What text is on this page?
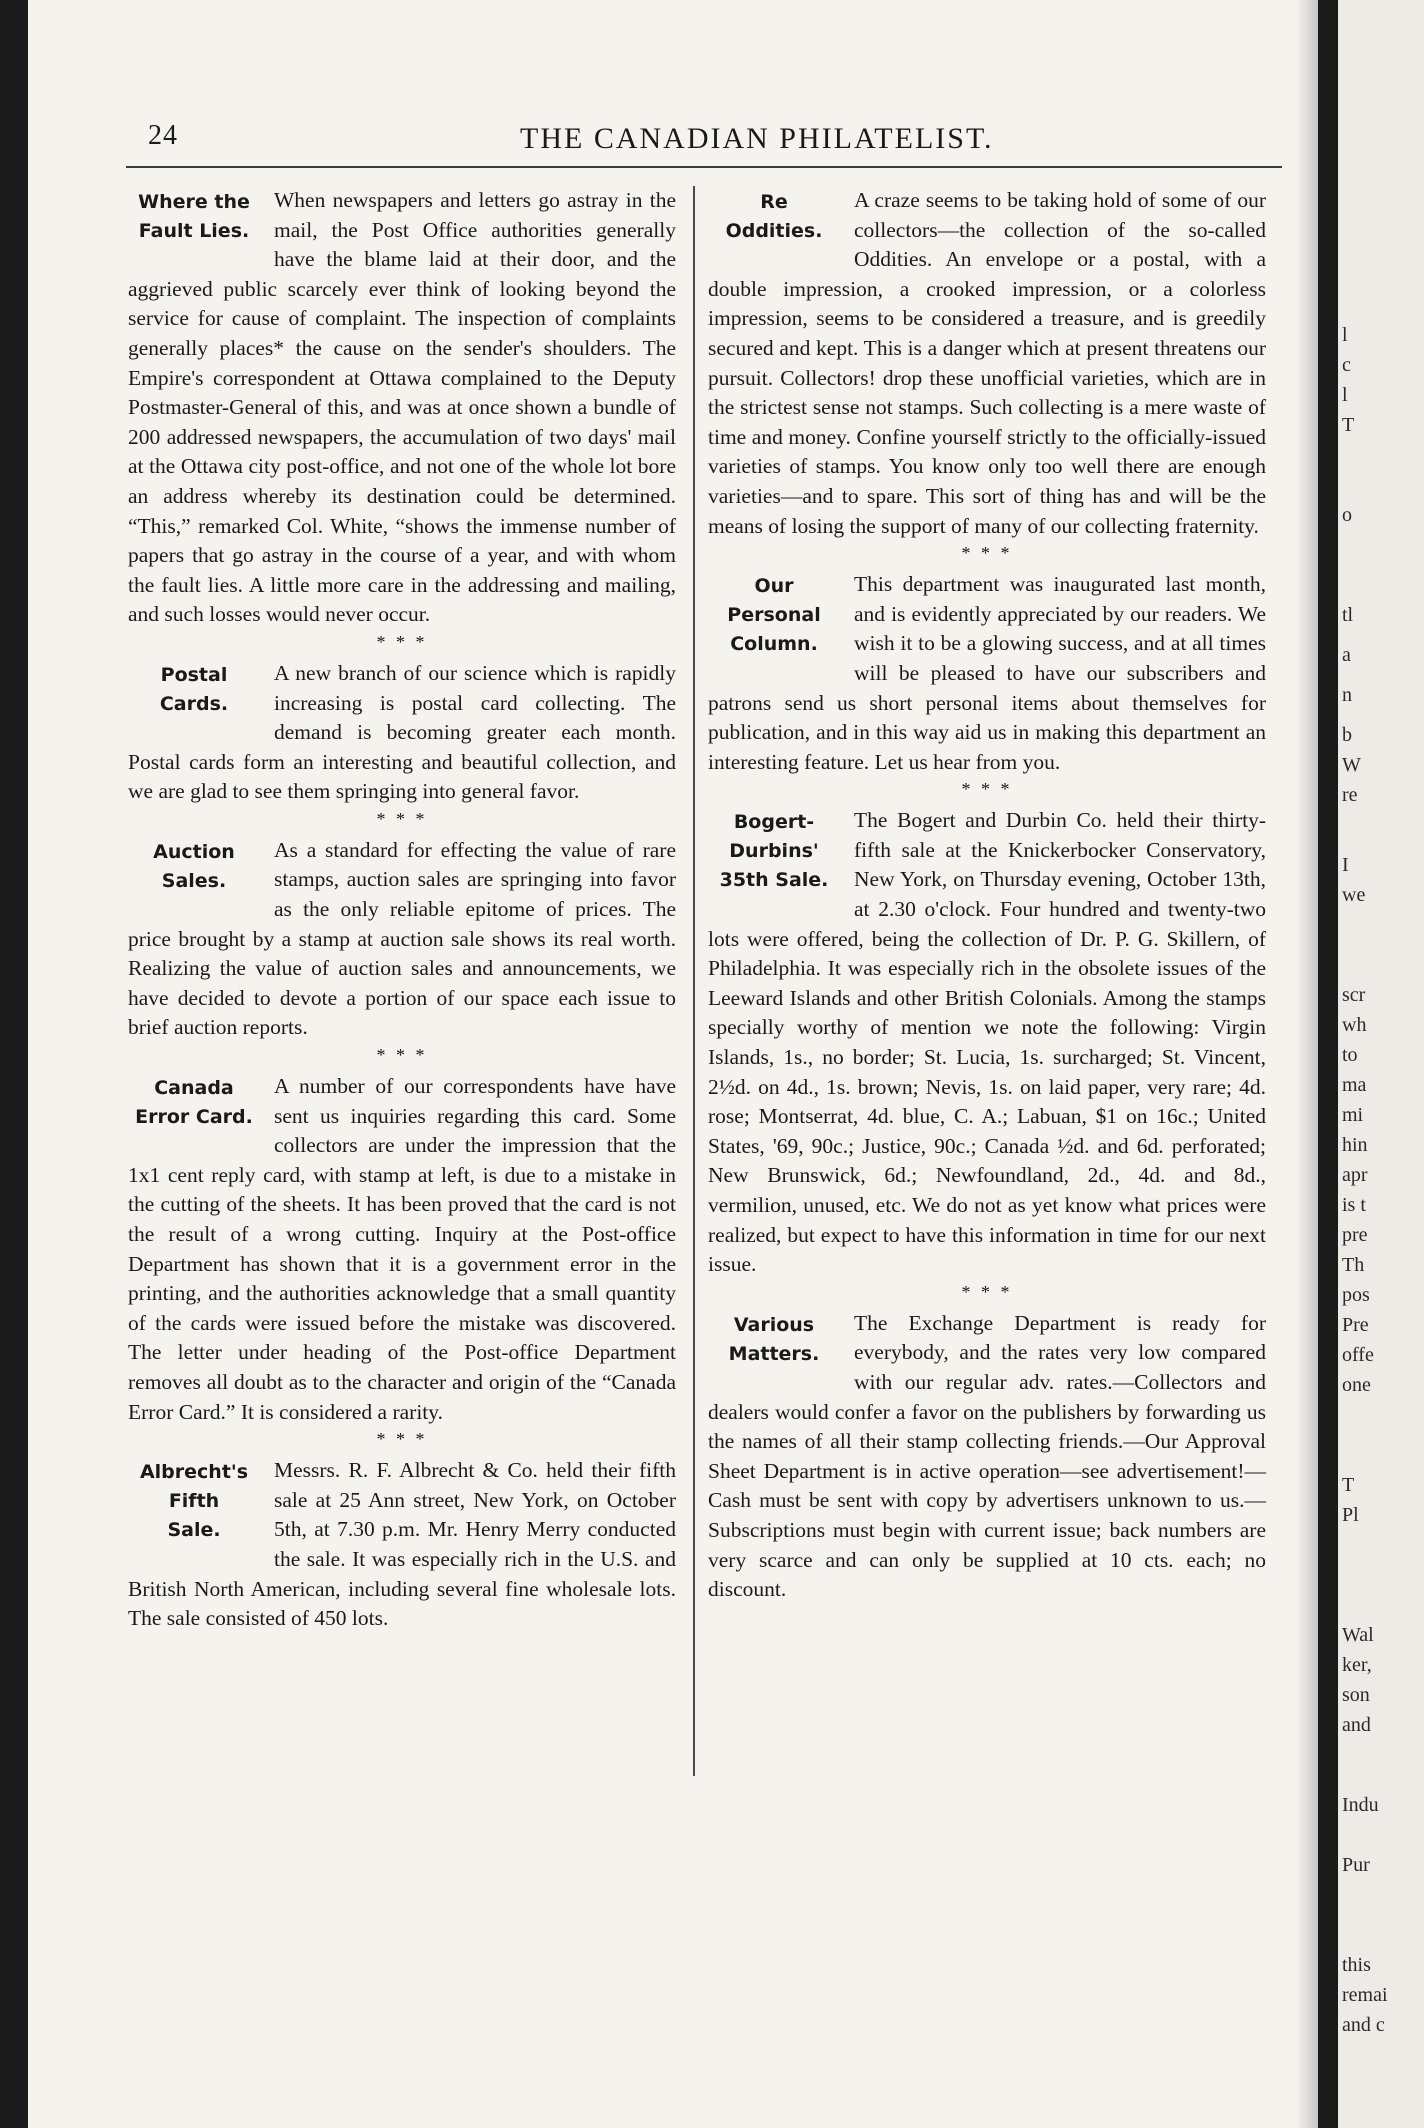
l
c
l
T
o
tl
a
n
b
W
re
I
we
scr
wh
to
ma
mi
hin
apr
is t
pre
Th
pos
Pre
offe
one
T
Pl
Wal
ker,
son
and
Indu
Pur
this
remai
and c
24	THE CANADIAN PHILATELIST.
Where the
Fault Lies.

When newspapers and letters go astray in the mail, the Post Office authorities generally have the blame laid at their door, and the aggrieved public scarcely ever think of looking beyond the service for cause of complaint. The inspection of complaints generally places* the cause on the sender's shoulders. The Empire's correspondent at Ottawa complained to the Deputy Postmaster-General of this, and was at once shown a bundle of 200 addressed newspapers, the accumulation of two days' mail at the Ottawa city post-office, and not one of the whole lot bore an address whereby its destination could be determined. “This,” remarked Col. White, “shows the immense number of papers that go astray in the course of a year, and with whom the fault lies. A little more care in the addressing and mailing, and such losses would never occur.

* * *
Postal
Cards.

A new branch of our science which is rapidly increasing is postal card collecting. The demand is becoming greater each month. Postal cards form an interesting and beautiful collection, and we are glad to see them springing into general favor.

* * *
Auction
Sales.

As a standard for effecting the value of rare stamps, auction sales are springing into favor as the only reliable epitome of prices. The price brought by a stamp at auction sale shows its real worth. Realizing the value of auction sales and announcements, we have decided to devote a portion of our space each issue to brief auction reports.

* * *
Canada
Error Card.

A number of our correspondents have have sent us inquiries regarding this card. Some collectors are under the impression that the 1x1 cent reply card, with stamp at left, is due to a mistake in the cutting of the sheets. It has been proved that the card is not the result of a wrong cutting. Inquiry at the Post-office Department has shown that it is a government error in the printing, and the authorities acknowledge that a small quantity of the cards were issued before the mistake was discovered. The letter under heading of the Post-office Department removes all doubt as to the character and origin of the “Canada Error Card.” It is considered a rarity.

* * *
Albrecht's
Fifth
Sale.

Messrs. R. F. Albrecht & Co. held their fifth sale at 25 Ann street, New York, on October 5th, at 7.30 p.m. Mr. Henry Merry conducted the sale. It was especially rich in the U.S. and British North American, including several fine wholesale lots. The sale consisted of 450 lots.

Re
Oddities.

A craze seems to be taking hold of some of our collectors—the collection of the so-called Oddities. An envelope or a postal, with a double impression, a crooked impression, or a colorless impression, seems to be considered a treasure, and is greedily secured and kept. This is a danger which at present threatens our pursuit. Collectors! drop these unofficial varieties, which are in the strictest sense not stamps. Such collecting is a mere waste of time and money. Confine yourself strictly to the officially-issued varieties of stamps. You know only too well there are enough varieties—and to spare. This sort of thing has and will be the means of losing the support of many of our collecting fraternity.

* * *
Our
Personal
Column.

This department was inaugurated last month, and is evidently appreciated by our readers. We wish it to be a glowing success, and at all times will be pleased to have our subscribers and patrons send us short personal items about themselves for publication, and in this way aid us in making this department an interesting feature. Let us hear from you.

* * *
Bogert-
Durbins'
35th Sale.

The Bogert and Durbin Co. held their thirty-fifth sale at the Knickerbocker Conservatory, New York, on Thursday evening, October 13th, at 2.30 o'clock. Four hundred and twenty-two lots were offered, being the collection of Dr. P. G. Skillern, of Philadelphia. It was especially rich in the obsolete issues of the Leeward Islands and other British Colonials. Among the stamps specially worthy of mention we note the following: Virgin Islands, 1s., no border; St. Lucia, 1s. surcharged; St. Vincent, 2½d. on 4d., 1s. brown; Nevis, 1s. on laid paper, very rare; 4d. rose; Montserrat, 4d. blue, C. A.; Labuan, $1 on 16c.; United States, '69, 90c.; Justice, 90c.; Canada ½d. and 6d. perforated; New Brunswick, 6d.; Newfoundland, 2d., 4d. and 8d., vermilion, unused, etc. We do not as yet know what prices were realized, but expect to have this information in time for our next issue.

* * *
Various
Matters.

The Exchange Department is ready for everybody, and the rates very low compared with our regular adv. rates.—Collectors and dealers would confer a favor on the publishers by forwarding us the names of all their stamp collecting friends.—Our Approval Sheet Department is in active operation—see advertisement!—Cash must be sent with copy by advertisers unknown to us.—Subscriptions must begin with current issue; back numbers are very scarce and can only be supplied at 10 cts. each; no discount.
